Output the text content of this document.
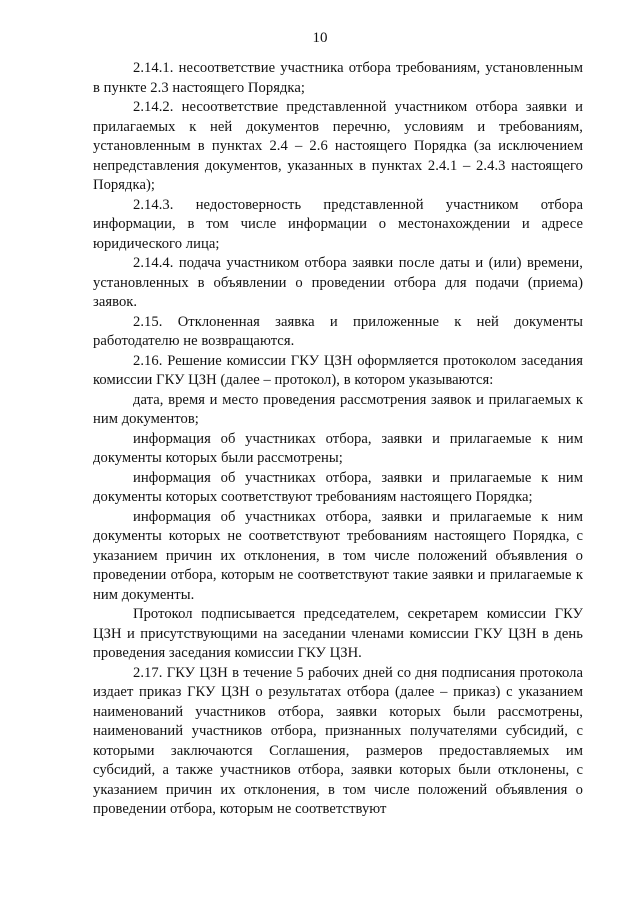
10

2.14.1. несоответствие участника отбора требованиям, установленным в пункте 2.3 настоящего Порядка;

2.14.2. несоответствие представленной участником отбора заявки и прилагаемых к ней документов перечню, условиям и требованиям, установленным в пунктах 2.4 – 2.6 настоящего Порядка (за исключением непредставления документов, указанных в пунктах 2.4.1 – 2.4.3 настоящего Порядка);

2.14.3. недостоверность представленной участником отбора информации, в том числе информации о местонахождении и адресе юридического лица;

2.14.4. подача участником отбора заявки после даты и (или) времени, установленных в объявлении о проведении отбора для подачи (приема) заявок.

2.15. Отклоненная заявка и приложенные к ней документы работодателю не возвращаются.

2.16. Решение комиссии ГКУ ЦЗН оформляется протоколом заседания комиссии ГКУ ЦЗН (далее – протокол), в котором указываются:

дата, время и место проведения рассмотрения заявок и прилагаемых к ним документов;

информация об участниках отбора, заявки и прилагаемые к ним документы которых были рассмотрены;

информация об участниках отбора, заявки и прилагаемые к ним документы которых соответствуют требованиям настоящего Порядка;

информация об участниках отбора, заявки и прилагаемые к ним документы которых не соответствуют требованиям настоящего Порядка, с указанием причин их отклонения, в том числе положений объявления о проведении отбора, которым не соответствуют такие заявки и прилагаемые к ним документы.

Протокол подписывается председателем, секретарем комиссии ГКУ ЦЗН и присутствующими на заседании членами комиссии ГКУ ЦЗН в день проведения заседания комиссии ГКУ ЦЗН.

2.17. ГКУ ЦЗН в течение 5 рабочих дней со дня подписания протокола издает приказ ГКУ ЦЗН о результатах отбора (далее – приказ) с указанием наименований участников отбора, заявки которых были рассмотрены, наименований участников отбора, признанных получателями субсидий, с которыми заключаются Соглашения, размеров предоставляемых им субсидий, а также участников отбора, заявки которых были отклонены, с указанием причин их отклонения, в том числе положений объявления о проведении отбора, которым не соответствуют
